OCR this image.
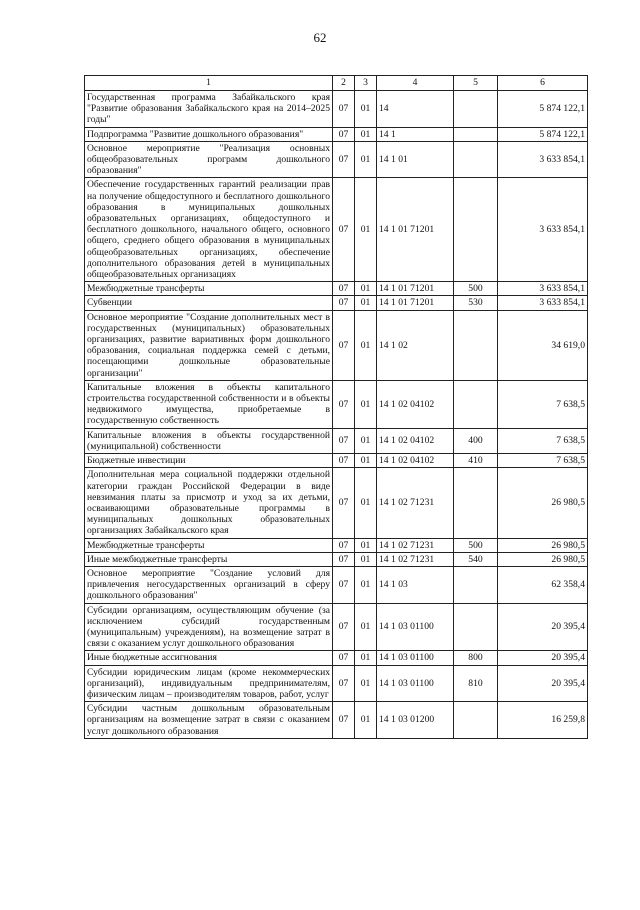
62
1	2	3	4	5	6
Государственная программа Забайкальского края "Развитие образования Забайкальского края на 2014–2025 годы"	07	01	14		5 874 122,1
Подпрограмма "Развитие дошкольного образования"	07	01	14 1		5 874 122,1
Основное мероприятие "Реализация основных общеобразовательных программ дошкольного образования"	07	01	14 1 01		3 633 854,1
Обеспечение государственных гарантий реализации прав на получение общедоступного и бесплатного дошкольного образования в муниципальных дошкольных образовательных организациях, общедоступного и бесплатного дошкольного, начального общего, основного общего, среднего общего образования в муниципальных общеобразовательных организациях, обеспечение дополнительного образования детей в муниципальных общеобразовательных организациях	07	01	14 1 01 71201		3 633 854,1
Межбюджетные трансферты	07	01	14 1 01 71201	500	3 633 854,1
Субвенции	07	01	14 1 01 71201	530	3 633 854,1
Основное мероприятие "Создание дополнительных мест в государственных (муниципальных) образовательных организациях, развитие вариативных форм дошкольного образования, социальная поддержка семей с детьми, посещающими дошкольные образовательные организации"	07	01	14 1 02		34 619,0
Капитальные вложения в объекты капитального строительства государственной собственности и в объекты недвижимого имущества, приобретаемые в государственную собственность	07	01	14 1 02 04102		7 638,5
Капитальные вложения в объекты государственной (муниципальной) собственности	07	01	14 1 02 04102	400	7 638,5
Бюджетные инвестиции	07	01	14 1 02 04102	410	7 638,5
Дополнительная мера социальной поддержки отдельной категории граждан Российской Федерации в виде невзимания платы за присмотр и уход за их детьми, осваивающими образовательные программы в муниципальных дошкольных образовательных организациях Забайкальского края	07	01	14 1 02 71231		26 980,5
Межбюджетные трансферты	07	01	14 1 02 71231	500	26 980,5
Иные межбюджетные трансферты	07	01	14 1 02 71231	540	26 980,5
Основное мероприятие "Создание условий для привлечения негосударственных организаций в сферу дошкольного образования"	07	01	14 1 03		62 358,4
Субсидии организациям, осуществляющим обучение (за исключением субсидий государственным (муниципальным) учреждениям), на возмещение затрат в связи с оказанием услуг дошкольного образования	07	01	14 1 03 01100		20 395,4
Иные бюджетные ассигнования	07	01	14 1 03 01100	800	20 395,4
Субсидии юридическим лицам (кроме некоммерческих организаций), индивидуальным предпринимателям, физическим лицам – производителям товаров, работ, услуг	07	01	14 1 03 01100	810	20 395,4
Субсидии частным дошкольным образовательным организациям на возмещение затрат в связи с оказанием услуг дошкольного образования	07	01	14 1 03 01200		16 259,8
